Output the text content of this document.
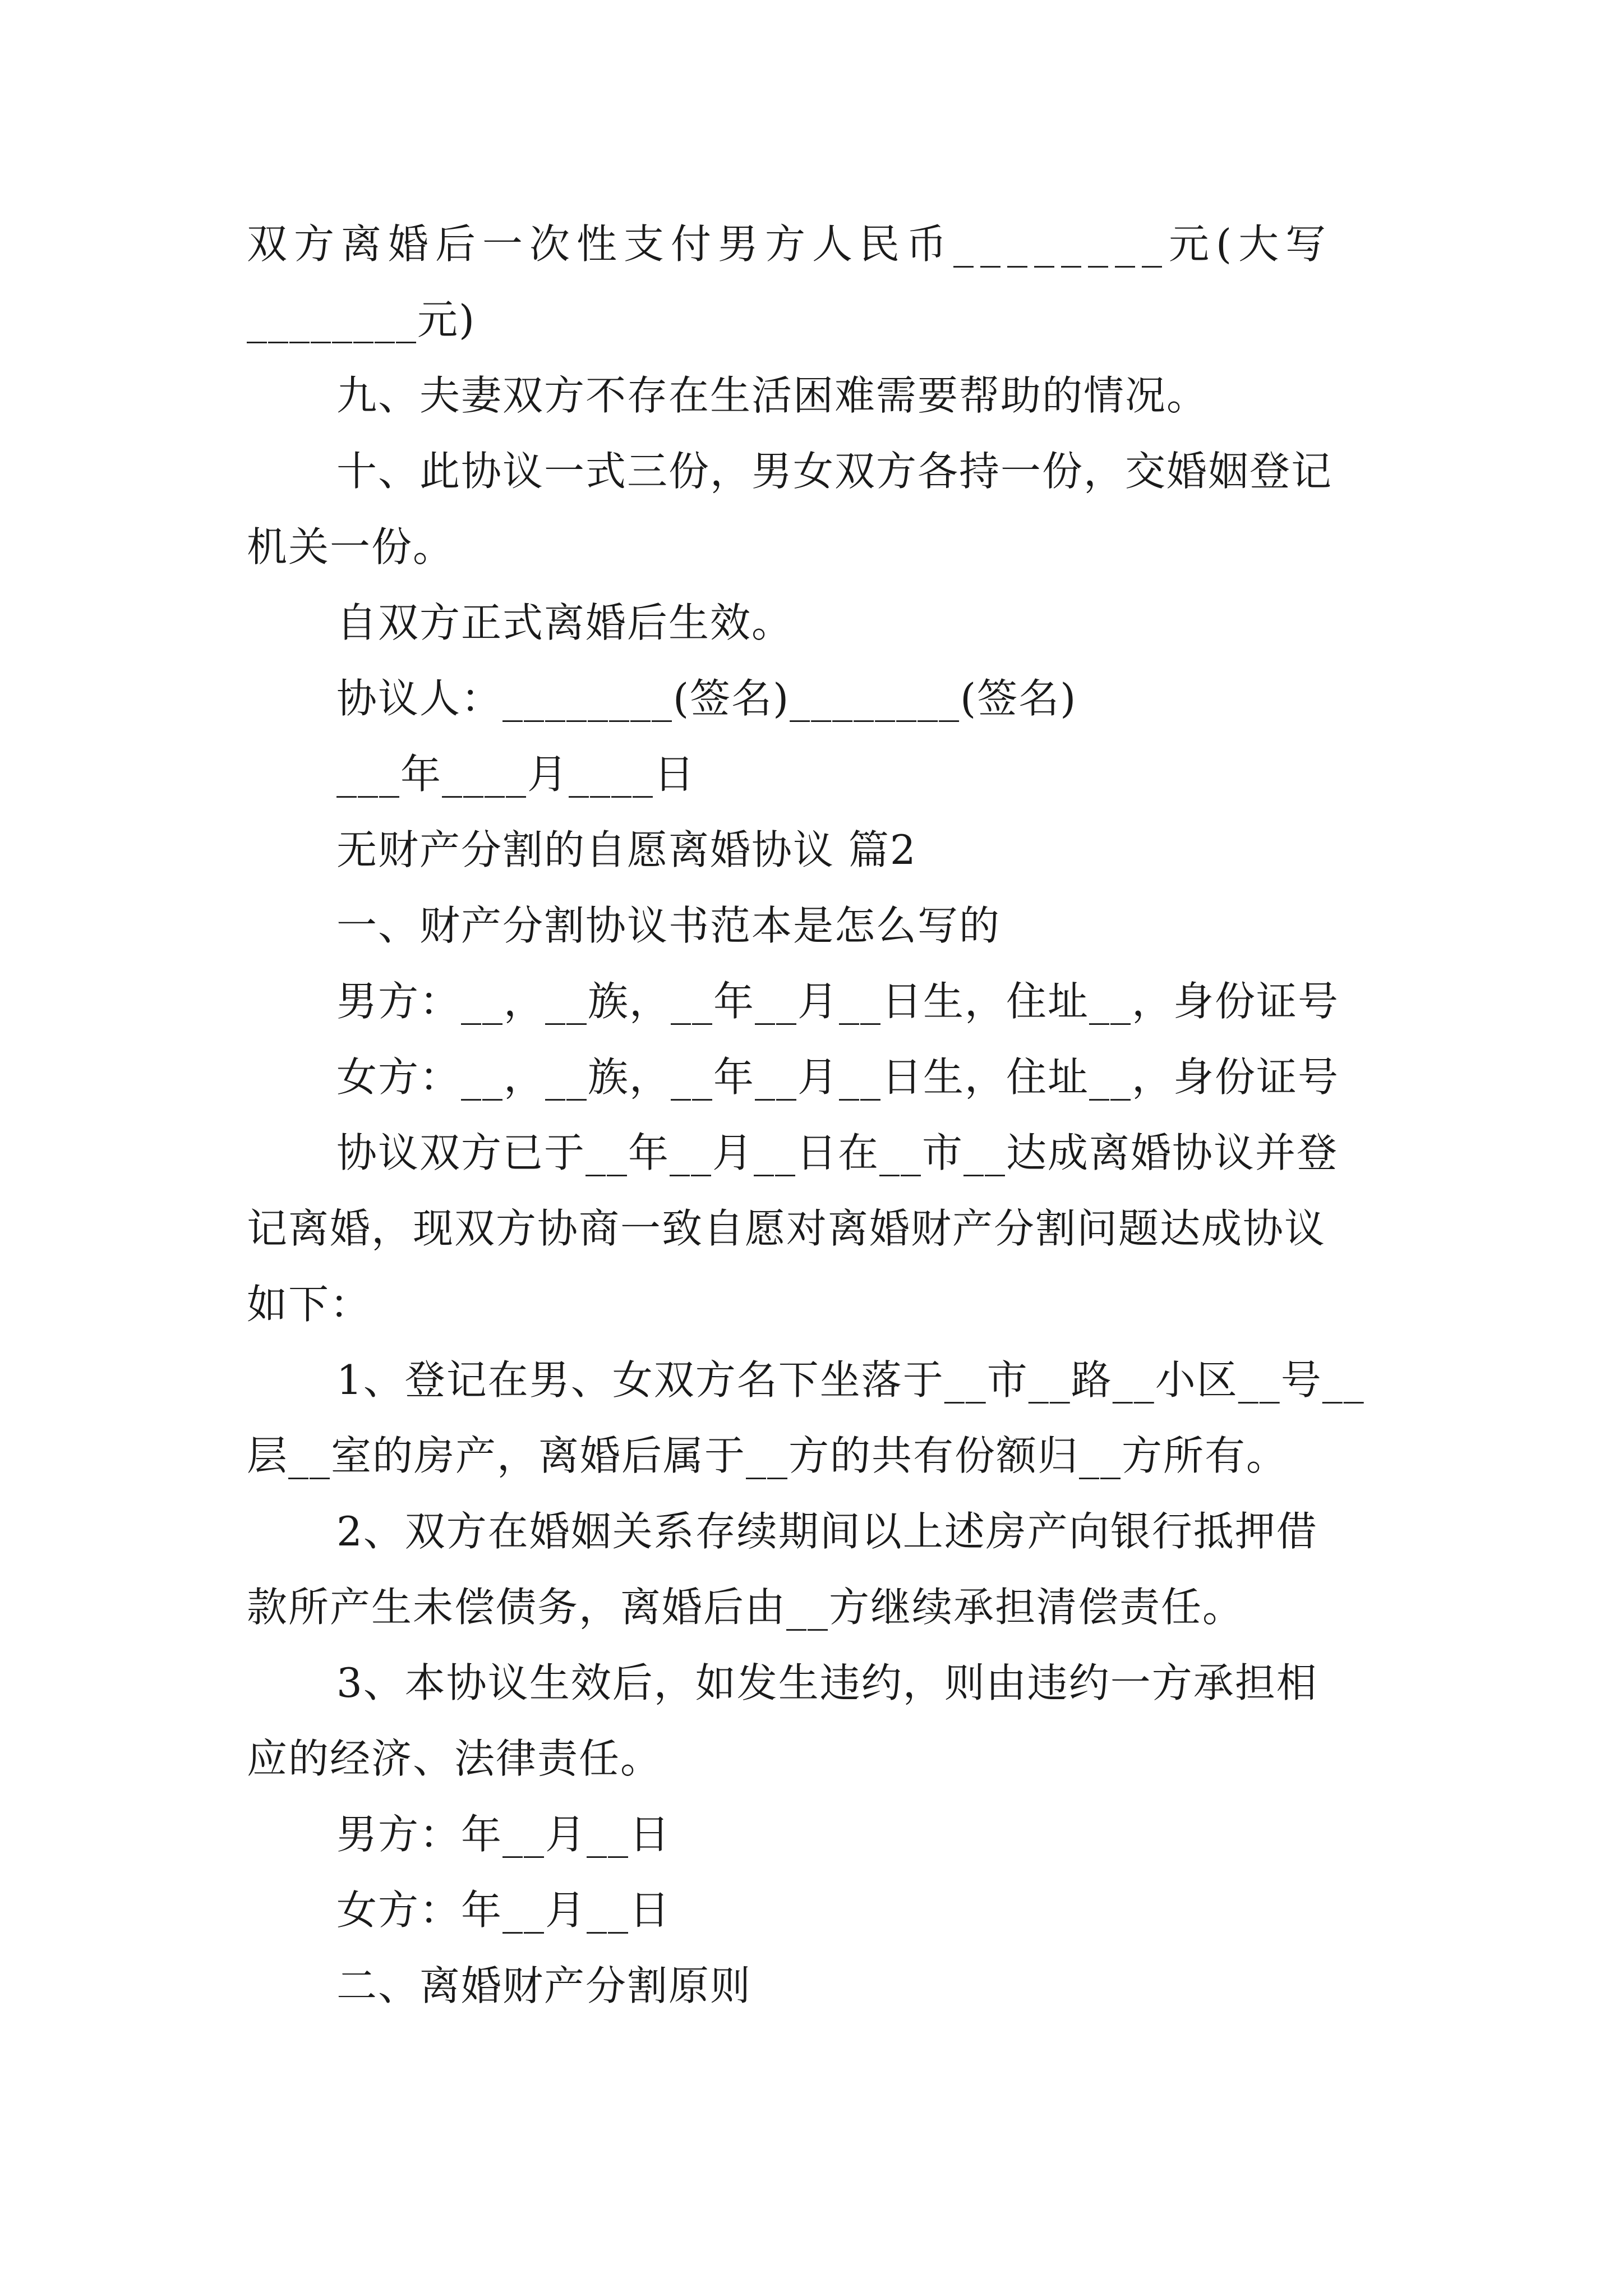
双方离婚后一次性支付男方人民币________元(大写
________元)
九、夫妻双方不存在生活困难需要帮助的情况。
十、此协议一式三份，男女双方各持一份，交婚姻登记
机关一份。
自双方正式离婚后生效。
协议人：________(签名)________(签名)
___年____月____日
无财产分割的自愿离婚协议 篇2
一、财产分割协议书范本是怎么写的
男方：__，__族，__年__月__日生，住址__，身份证号
女方：__，__族，__年__月__日生，住址__，身份证号
协议双方已于__年__月__日在__市__达成离婚协议并登
记离婚，现双方协商一致自愿对离婚财产分割问题达成协议
如下：
1、登记在男、女双方名下坐落于__市__路__小区__号__
层__室的房产，离婚后属于__方的共有份额归__方所有。
2、双方在婚姻关系存续期间以上述房产向银行抵押借
款所产生未偿债务，离婚后由__方继续承担清偿责任。
3、本协议生效后，如发生违约，则由违约一方承担相
应的经济、法律责任。
男方：年__月__日
女方：年__月__日
二、离婚财产分割原则
